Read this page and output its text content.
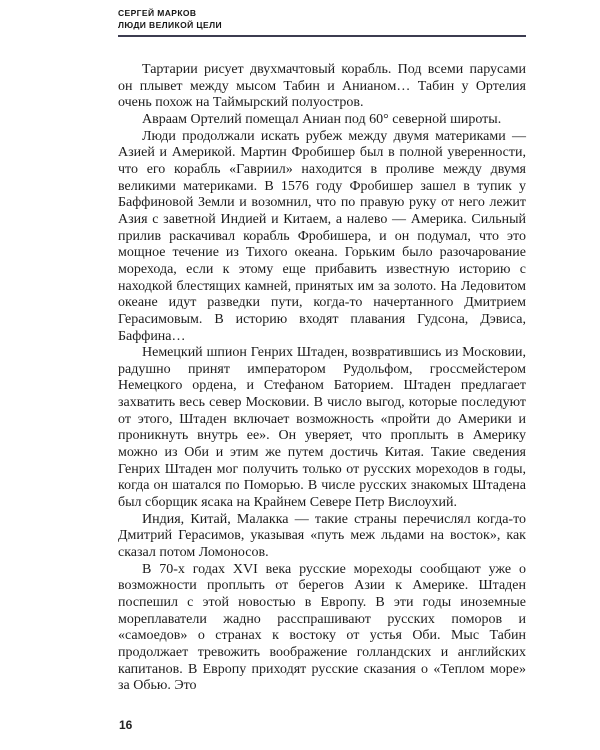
СЕРГЕЙ МАРКОВ
ЛЮДИ ВЕЛИКОЙ ЦЕЛИ

Тартарии рисует двухмачтовый корабль. Под всеми парусами он плывет между мысом Табин и Анианом… Табин у Ортелия очень похож на Таймырский полуостров.

Авраам Ортелий помещал Аниан под 60° северной широты.

Люди продолжали искать рубеж между двумя материками — Азией и Америкой. Мартин Фробишер был в полной уверенности, что его корабль «Гавриил» находится в проливе между двумя великими материками. В 1576 году Фробишер зашел в тупик у Баффиновой Земли и возомнил, что по правую руку от него лежит Азия с заветной Индией и Китаем, а налево — Америка. Сильный прилив раскачивал корабль Фробишера, и он подумал, что это мощное течение из Тихого океана. Горьким было разочарование морехода, если к этому еще прибавить известную историю с находкой блестящих камней, принятых им за золото. На Ледовитом океане идут разведки пути, когда-то начертанного Дмитрием Герасимовым. В историю входят плавания Гудсона, Дэвиса, Баффина…

Немецкий шпион Генрих Штаден, возвратившись из Московии, радушно принят императором Рудольфом, гроссмейстером Немецкого ордена, и Стефаном Баторием. Штаден предлагает захватить весь север Московии. В число выгод, которые последуют от этого, Штаден включает возможность «пройти до Америки и проникнуть внутрь ее». Он уверяет, что проплыть в Америку можно из Оби и этим же путем достичь Китая. Такие сведения Генрих Штаден мог получить только от русских мореходов в годы, когда он шатался по Поморью. В числе русских знакомых Штадена был сборщик ясака на Крайнем Севере Петр Вислоухий.

Индия, Китай, Малакка — такие страны перечислял когда-то Дмитрий Герасимов, указывая «путь меж льдами на восток», как сказал потом Ломоносов.

В 70-х годах XVI века русские мореходы сообщают уже о возможности проплыть от берегов Азии к Америке. Штаден поспешил с этой новостью в Европу. В эти годы иноземные мореплаватели жадно расспрашивают русских поморов и «самоедов» о странах к востоку от устья Оби. Мыс Табин продолжает тревожить воображение голландских и английских капитанов. В Европу приходят русские сказания о «Теплом море» за Обью. Это

16
